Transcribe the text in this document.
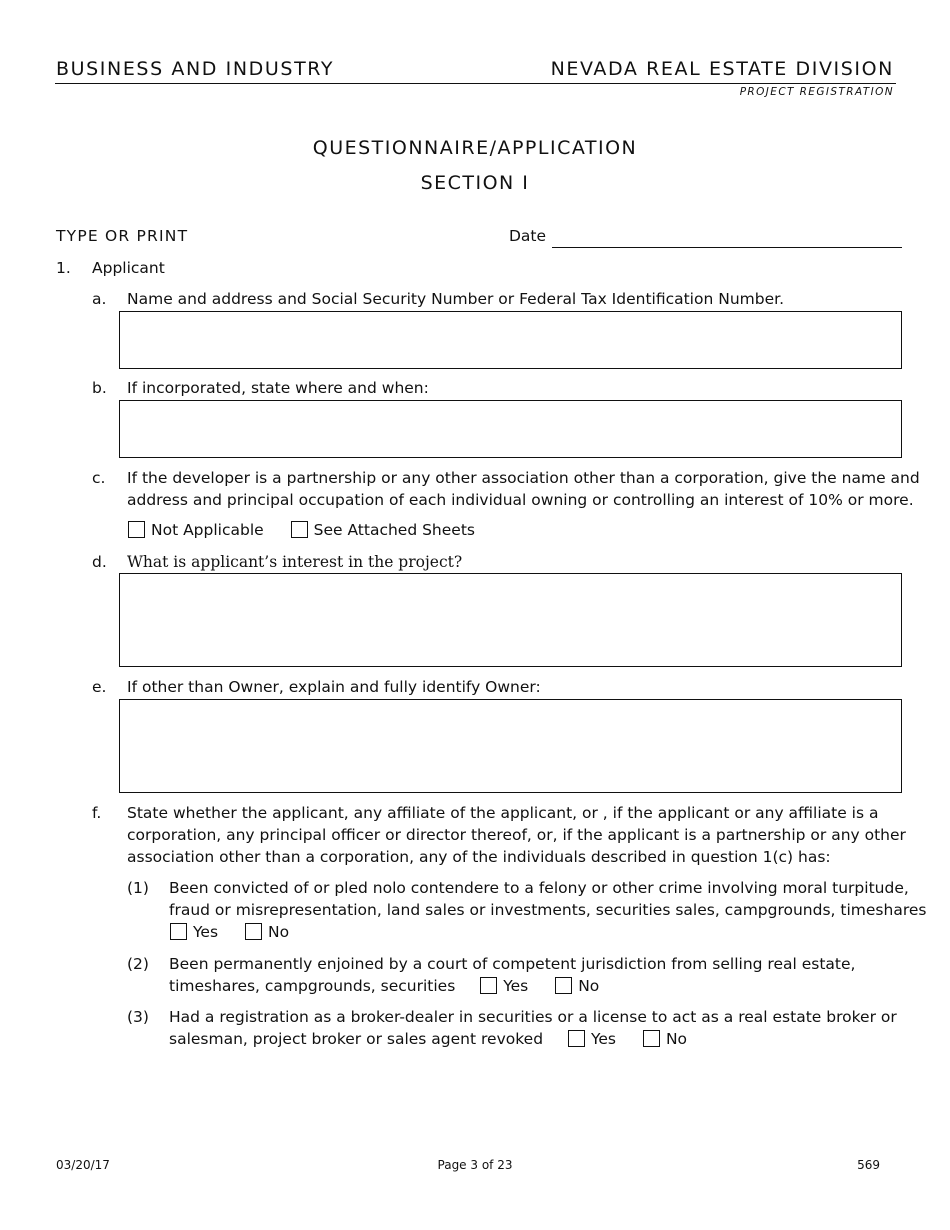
BUSINESS AND INDUSTRY	NEVADA REAL ESTATE DIVISION
PROJECT REGISTRATION
QUESTIONNAIRE/APPLICATION
SECTION I
TYPE OR PRINT	Date
1. Applicant
a. Name and address and Social Security Number or Federal Tax Identification Number.
b. If incorporated, state where and when:
c. If the developer is a partnership or any other association other than a corporation, give the name and
address and principal occupation of each individual owning or controlling an interest of 10% or more.
Not Applicable	See Attached Sheets
d. What is applicant’s interest in the project?
e. If other than Owner, explain and fully identify Owner:
f. State whether the applicant, any affiliate of the applicant, or , if the applicant or any affiliate is a
corporation, any principal officer or director thereof, or, if the applicant is a partnership or any other
association other than a corporation, any of the individuals described in question 1(c) has:
(1) Been convicted of or pled nolo contendere to a felony or other crime involving moral turpitude,
fraud or misrepresentation, land sales or investments, securities sales, campgrounds, timeshares
Yes	No
(2) Been permanently enjoined by a court of competent jurisdiction from selling real estate,
timeshares, campgrounds, securities	Yes	No
(3) Had a registration as a broker-dealer in securities or a license to act as a real estate broker or
salesman, project broker or sales agent revoked	Yes	No
03/20/17	Page 3 of 23	569
